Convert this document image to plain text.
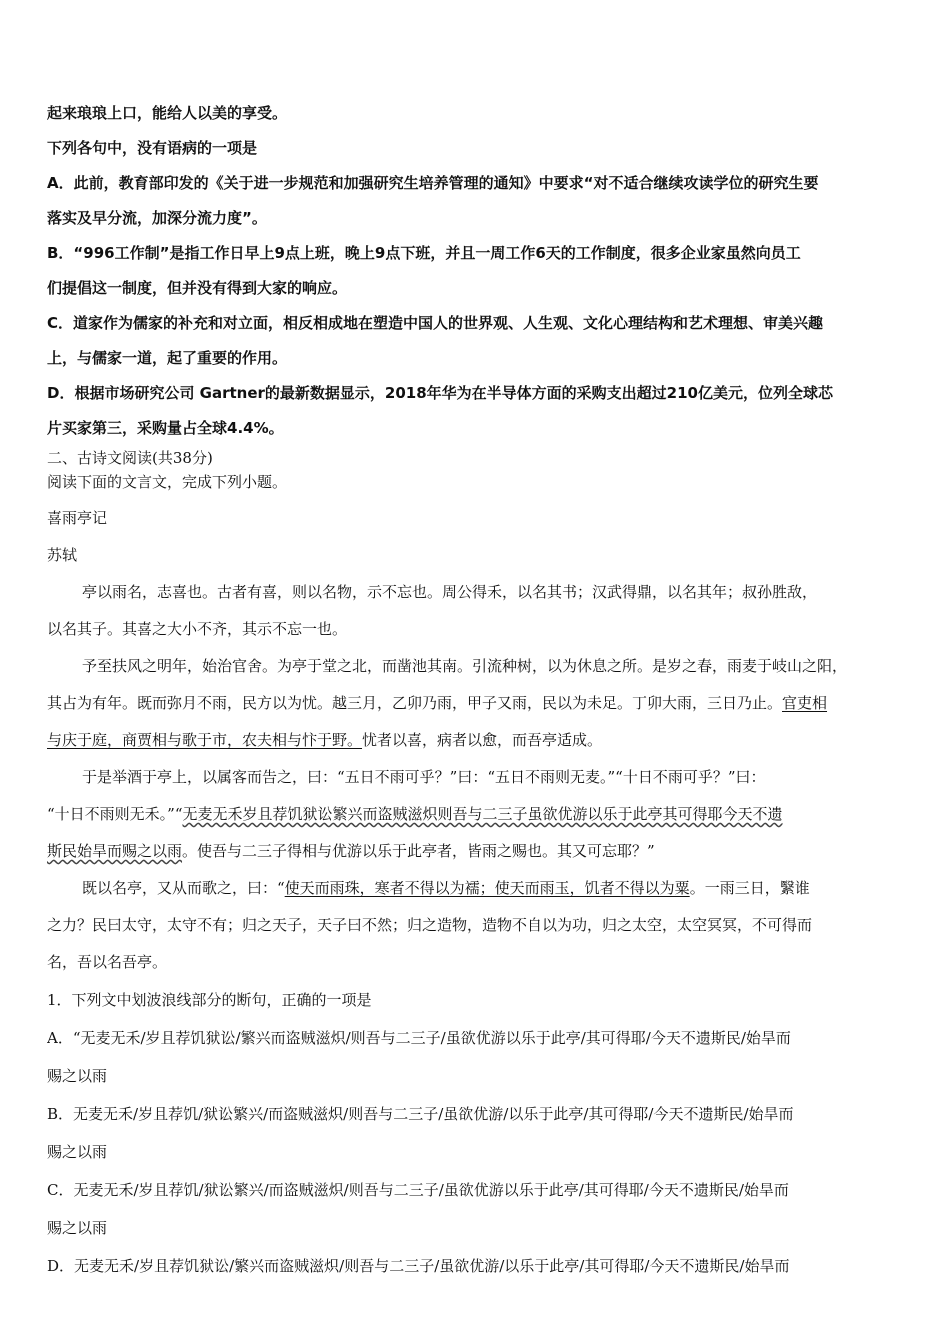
起来琅琅上口，能给人以美的享受。
下列各句中，没有语病的一项是
A．此前，教育部印发的《关于进一步规范和加强研究生培养管理的通知》中要求“对不适合继续攻读学位的研究生要
落实及早分流，加深分流力度”。
B．“996工作制”是指工作日早上9点上班，晚上9点下班，并且一周工作6天的工作制度，很多企业家虽然向员工
们提倡这一制度，但并没有得到大家的响应。
C．道家作为儒家的补充和对立面，相反相成地在塑造中国人的世界观、人生观、文化心理结构和艺术理想、审美兴趣
上，与儒家一道，起了重要的作用。
D．根据市场研究公司 Gartner的最新数据显示，2018年华为在半导体方面的采购支出超过210亿美元，位列全球芯
片买家第三，采购量占全球4.4%。
二、古诗文阅读(共38分)
阅读下面的文言文，完成下列小题。
喜雨亭记
苏轼
亭以雨名，志喜也。古者有喜，则以名物，示不忘也。周公得禾，以名其书；汉武得鼎，以名其年；叔孙胜敌，
以名其子。其喜之大小不齐，其示不忘一也。
予至扶风之明年，始治官舍。为亭于堂之北，而凿池其南。引流种树，以为休息之所。是岁之春，雨麦于岐山之阳，
其占为有年。既而弥月不雨，民方以为忧。越三月，乙卯乃雨，甲子又雨，民以为未足。丁卯大雨，三日乃止。官吏相
与庆于庭，商贾相与歌于市，农夫相与忭于野。忧者以喜，病者以愈，而吾亭适成。
于是举酒于亭上，以属客而告之，曰：“五日不雨可乎？”曰：“五日不雨则无麦。”“十日不雨可乎？”曰：
“十日不雨则无禾。”“无麦无禾岁且荐饥狱讼繁兴而盗贼滋炽则吾与二三子虽欲优游以乐于此亭其可得耶今天不遗
斯民始旱而赐之以雨。使吾与二三子得相与优游以乐于此亭者，皆雨之赐也。其又可忘耶？”
既以名亭，又从而歌之，曰：“使天而雨珠，寒者不得以为襦；使天而雨玉，饥者不得以为粟。一雨三日，繄谁
之力？民曰太守，太守不有；归之天子，天子曰不然；归之造物，造物不自以为功，归之太空，太空冥冥，不可得而
名，吾以名吾亭。
1．下列文中划波浪线部分的断句，正确的一项是
A．“无麦无禾/岁且荐饥狱讼/繁兴而盗贼滋炽/则吾与二三子/虽欲优游以乐于此亭/其可得耶/今天不遗斯民/始旱而
赐之以雨
B．无麦无禾/岁且荐饥/狱讼繁兴/而盗贼滋炽/则吾与二三子/虽欲优游/以乐于此亭/其可得耶/今天不遗斯民/始旱而
赐之以雨
C．无麦无禾/岁且荐饥/狱讼繁兴/而盗贼滋炽/则吾与二三子/虽欲优游以乐于此亭/其可得耶/今天不遗斯民/始旱而
赐之以雨
D．无麦无禾/岁且荐饥狱讼/繁兴而盗贼滋炽/则吾与二三子/虽欲优游/以乐于此亭/其可得耶/今天不遗斯民/始旱而
